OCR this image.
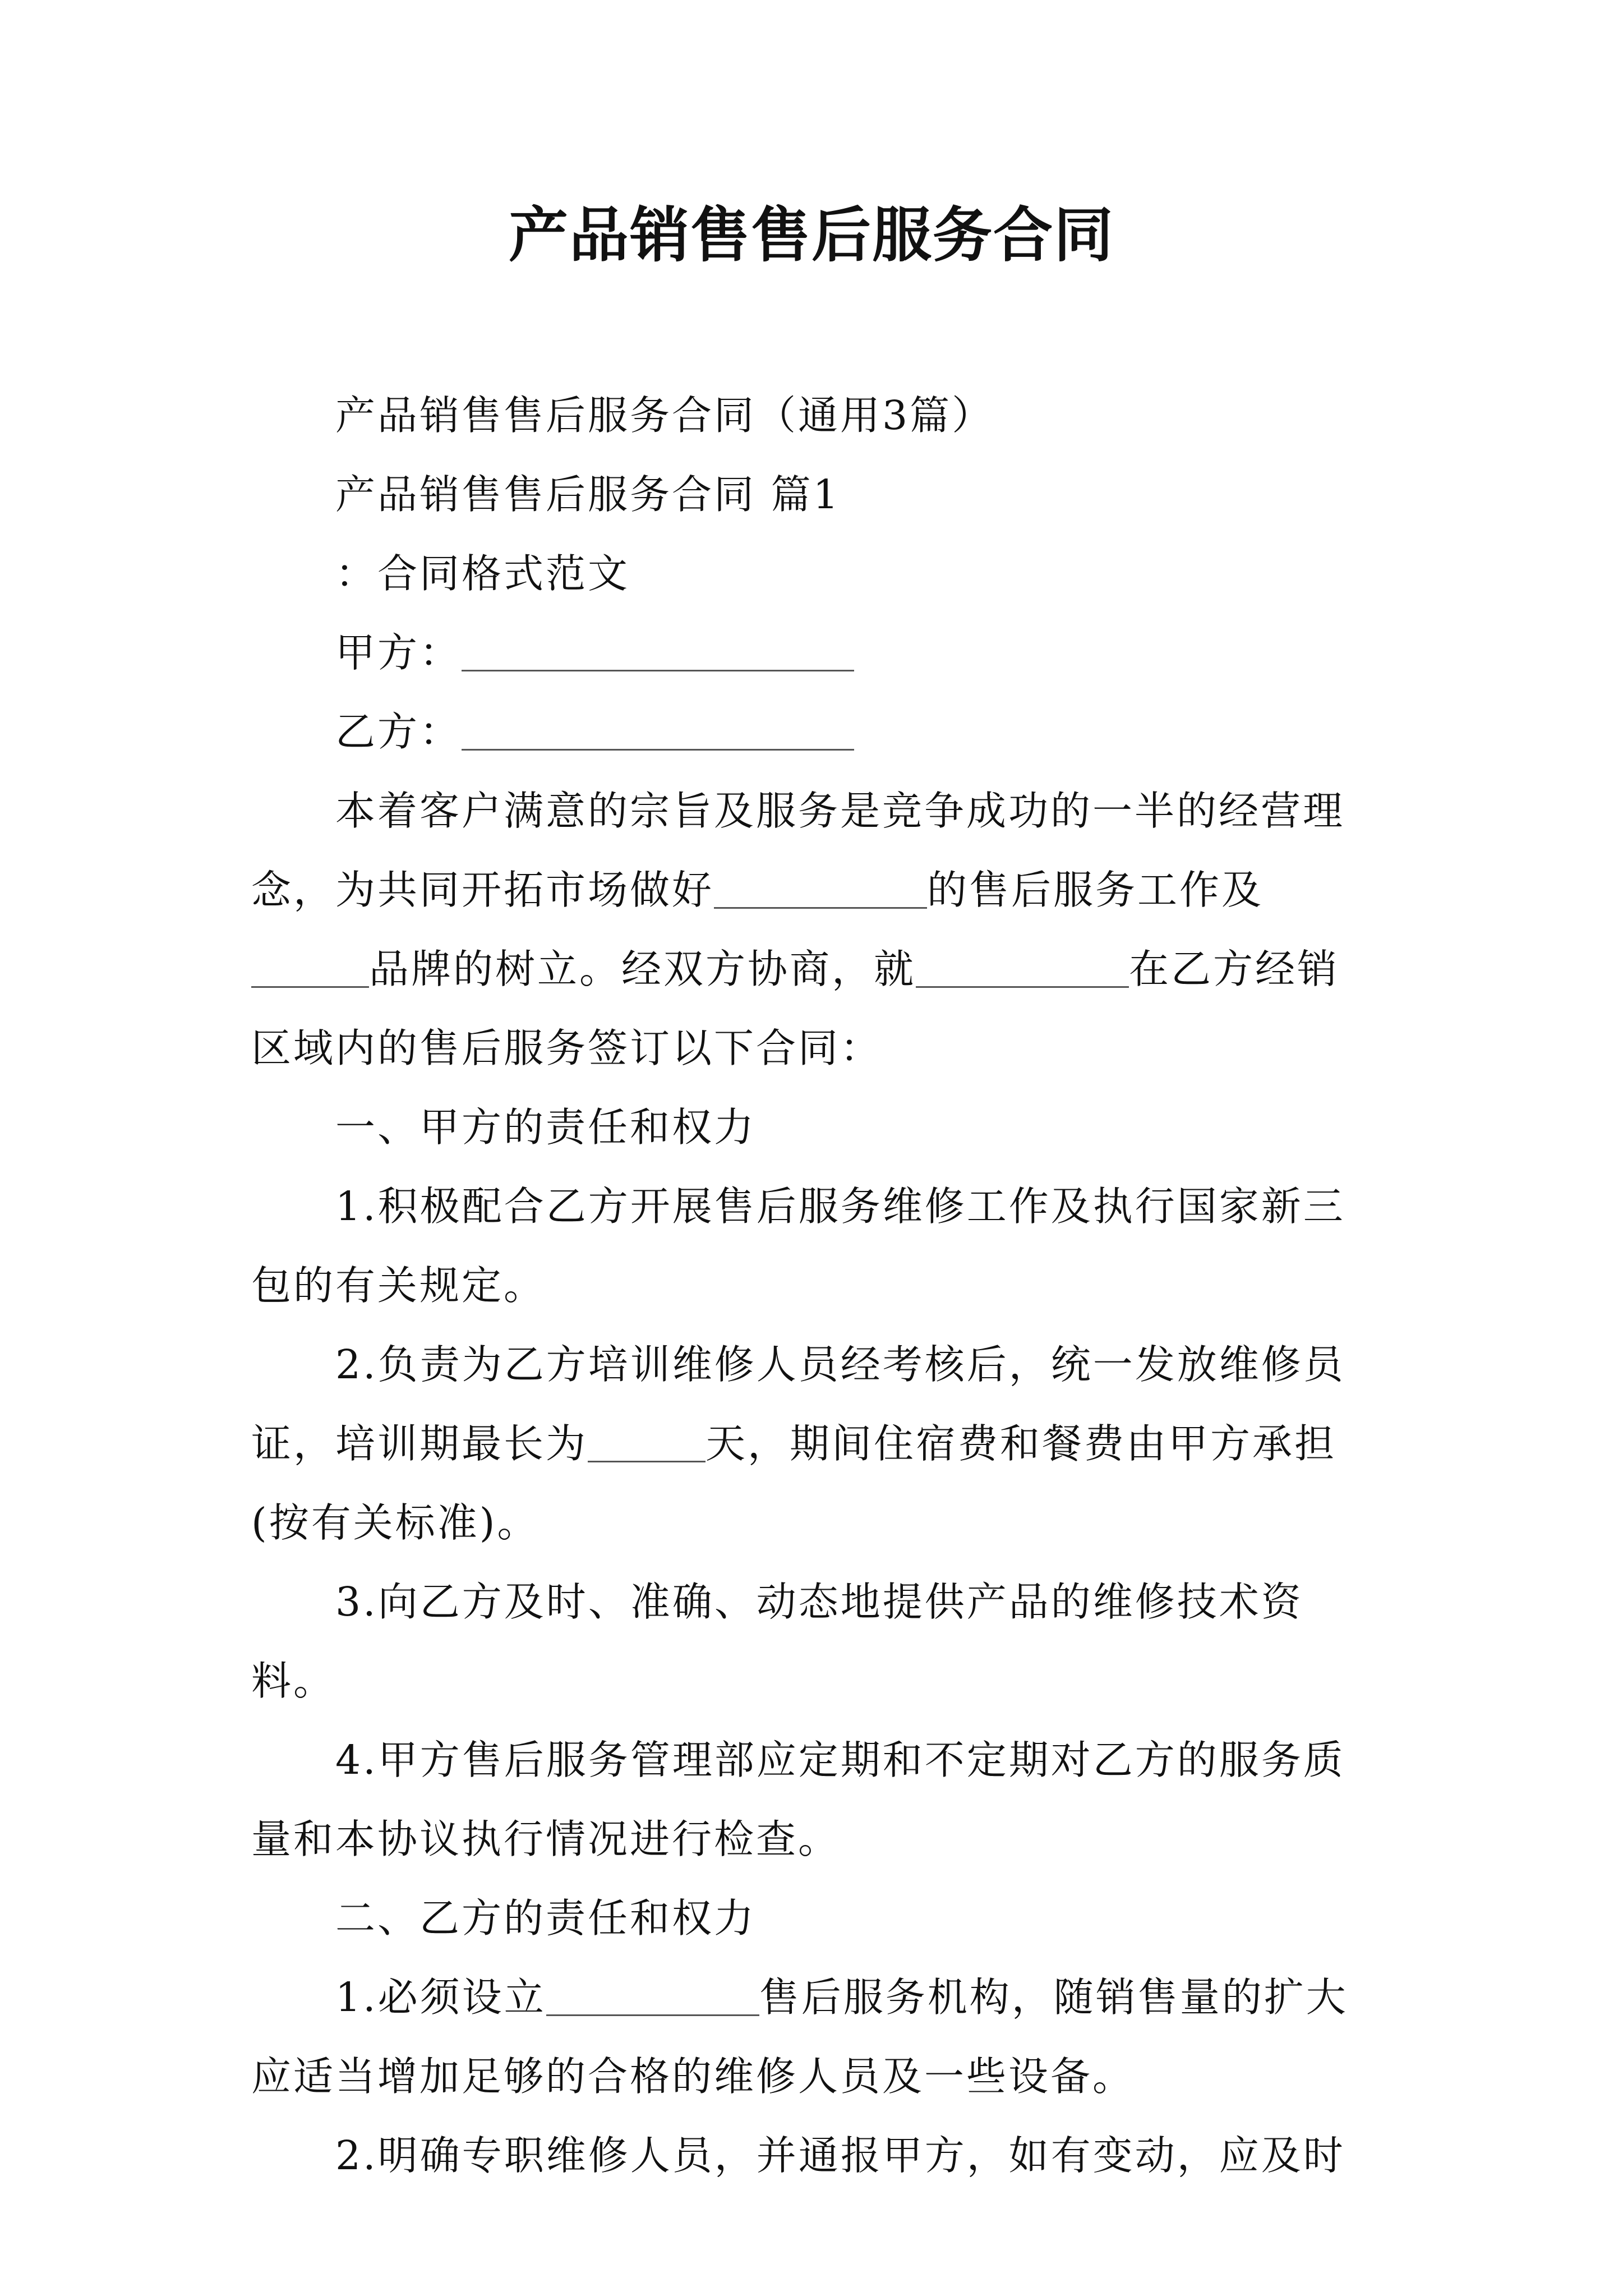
产品销售售后服务合同

产品销售售后服务合同（通用3篇）

产品销售售后服务合同 篇1

：合同格式范文

甲方：

乙方：

本着客户满意的宗旨及服务是竞争成功的一半的经营理念，为共同开拓市场做好	的售后服务工作及品牌的树立。经双方协商，就	在乙方经销区域内的售后服务签订以下合同：

一、甲方的责任和权力

1.积极配合乙方开展售后服务维修工作及执行国家新三包的有关规定。

2.负责为乙方培训维修人员经考核后，统一发放维修员证，培训期最长为	天，期间住宿费和餐费由甲方承担(按有关标准)。

3.向乙方及时、准确、动态地提供产品的维修技术资料。

4.甲方售后服务管理部应定期和不定期对乙方的服务质量和本协议执行情况进行检查。

二、乙方的责任和权力

1.必须设立	售后服务机构，随销售量的扩大应适当增加足够的合格的维修人员及一些设备。

2.明确专职维修人员，并通报甲方，如有变动，应及时
